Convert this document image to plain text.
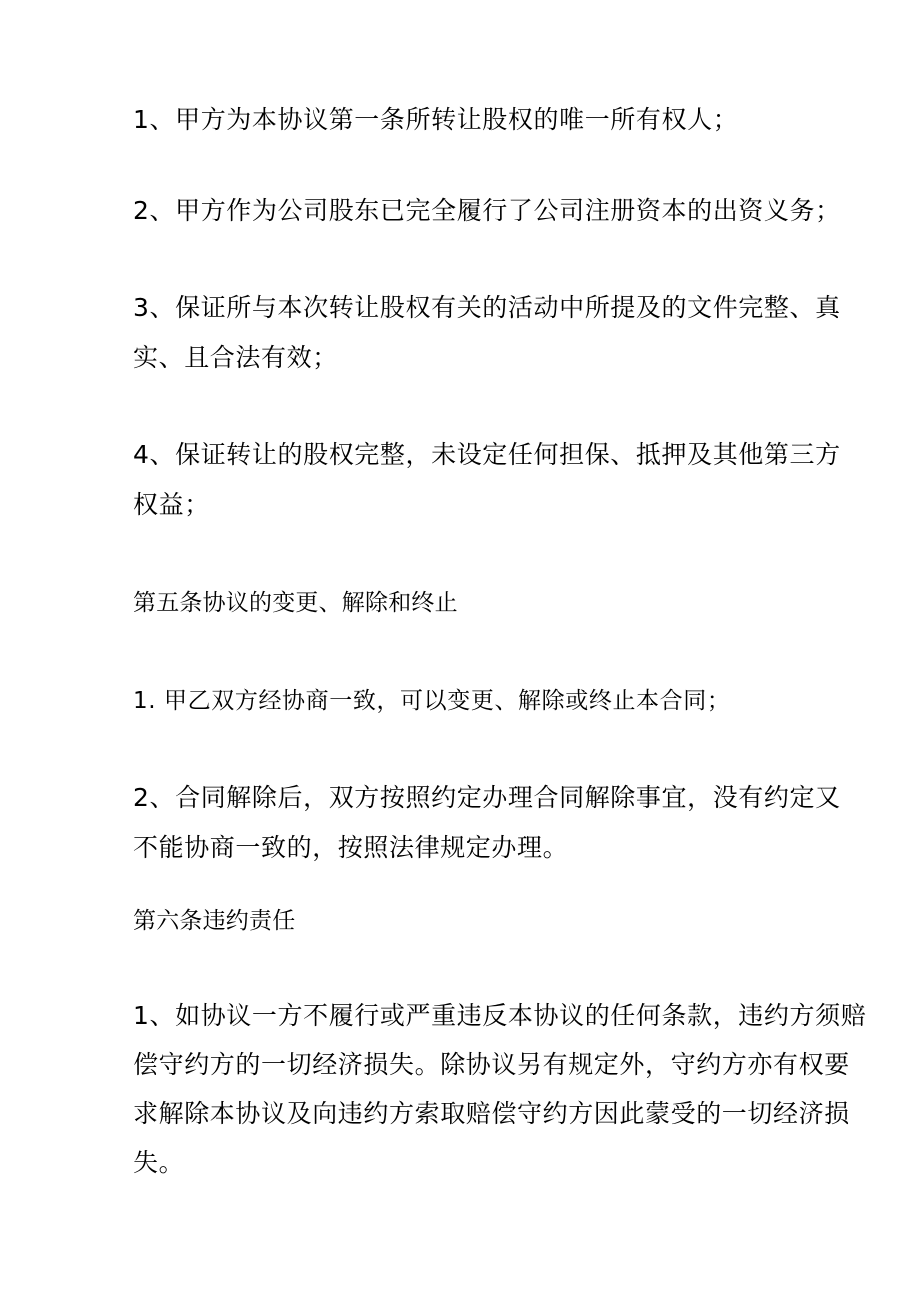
1、甲方为本协议第一条所转让股权的唯一所有权人；
2、甲方作为公司股东已完全履行了公司注册资本的出资义务；
3、保证所与本次转让股权有关的活动中所提及的文件完整、真
实、且合法有效；
4、保证转让的股权完整，未设定任何担保、抵押及其他第三方
权益；
第五条协议的变更、解除和终止
1. 甲乙双方经协商一致，可以变更、解除或终止本合同；
2、合同解除后，双方按照约定办理合同解除事宜，没有约定又
不能协商一致的，按照法律规定办理。
第六条违约责任
1、如协议一方不履行或严重违反本协议的任何条款，违约方须赔
偿守约方的一切经济损失。除协议另有规定外，守约方亦有权要
求解除本协议及向违约方索取赔偿守约方因此蒙受的一切经济损
失。
